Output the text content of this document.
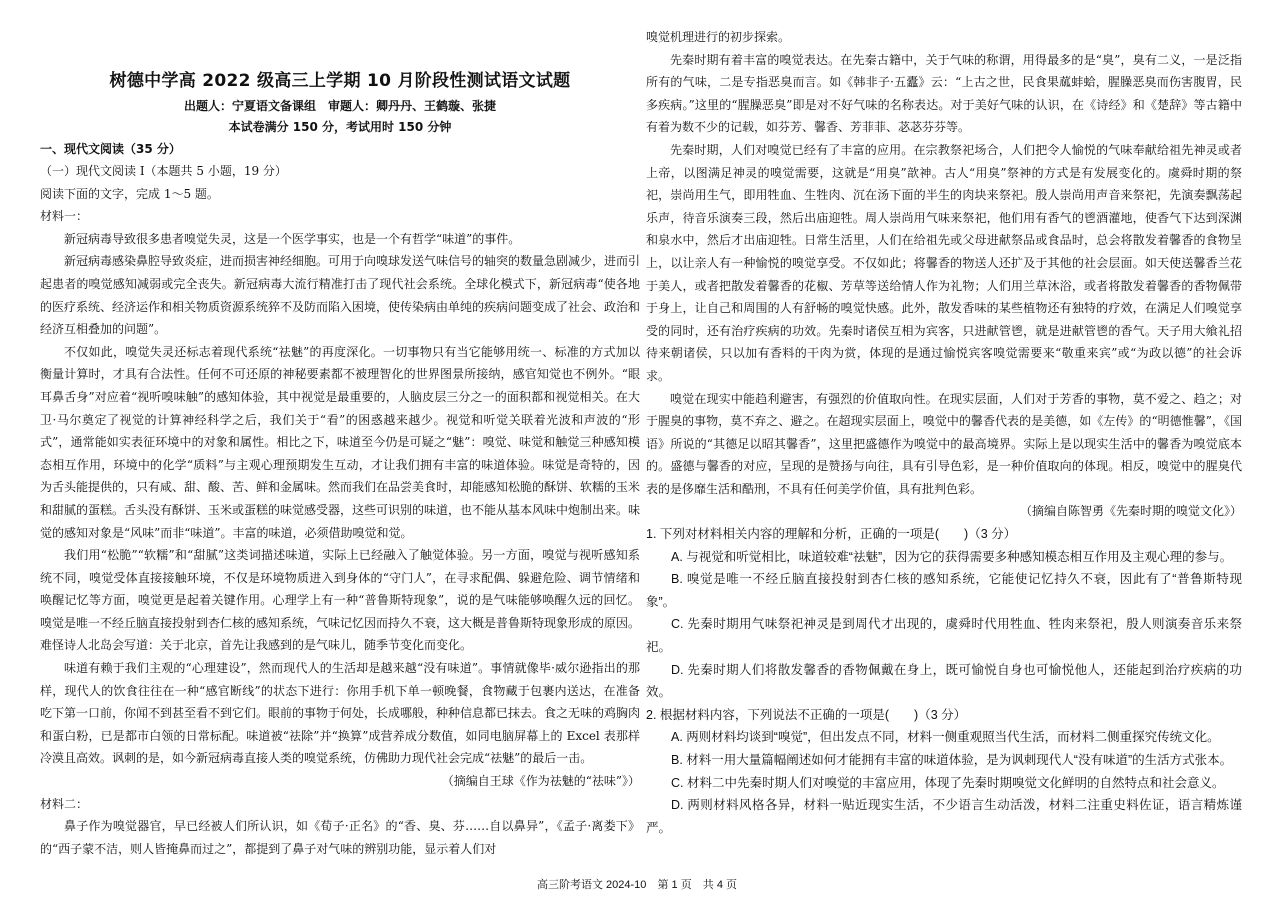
树德中学高 2022 级高三上学期 10 月阶段性测试语文试题

出题人：宁夏语文备课组　审题人：卿丹丹、王鹤璇、张捷

本试卷满分 150 分，考试用时 150 分钟

一、现代文阅读（35 分）

（一）现代文阅读 I（本题共 5 小题，19 分）

阅读下面的文字，完成 1～5 题。

材料一：

新冠病毒导致很多患者嗅觉失灵，这是一个医学事实，也是一个有哲学“味道”的事件。

新冠病毒感染鼻腔导致炎症，进而损害神经细胞。可用于向嗅球发送气味信号的轴突的数量急剧减少，进而引起患者的嗅觉感知减弱或完全丧失。新冠病毒大流行精准打击了现代社会系统。全球化模式下，新冠病毒“使各地的医疗系统、经济运作和相关物质资源系统猝不及防而陷入困境，使传染病由单纯的疾病问题变成了社会、政治和经济互相叠加的问题”。

不仅如此，嗅觉失灵还标志着现代系统“祛魅”的再度深化。一切事物只有当它能够用统一、标准的方式加以衡量计算时，才具有合法性。任何不可还原的神秘要素都不被理智化的世界图景所接纳，感官知觉也不例外。“眼耳鼻舌身”对应着“视听嗅味触”的感知体验，其中视觉是最重要的，人脑皮层三分之一的面积都和视觉相关。在大卫·马尔奠定了视觉的计算神经科学之后，我们关于“看”的困惑越来越少。视觉和听觉关联着光波和声波的“形式”，通常能如实表征环境中的对象和属性。相比之下，味道至今仍是可疑之“魅”：嗅觉、味觉和触觉三种感知模态相互作用，环境中的化学“质料”与主观心理预期发生互动，才让我们拥有丰富的味道体验。味觉是奇特的，因为舌头能提供的，只有咸、甜、酸、苦、鲜和金属味。然而我们在品尝美食时，却能感知松脆的酥饼、软糯的玉米和甜腻的蛋糕。舌头没有酥饼、玉米或蛋糕的味觉感受器，这些可识别的味道，也不能从基本风味中炮制出来。味觉的感知对象是“风味”而非“味道”。丰富的味道，必须借助嗅觉和觉。

我们用“松脆”“软糯”和“甜腻”这类词描述味道，实际上已经融入了触觉体验。另一方面，嗅觉与视听感知系统不同，嗅觉受体直接接触环境，不仅是环境物质进入到身体的“守门人”，在寻求配偶、躲避危险、调节情绪和唤醒记忆等方面，嗅觉更是起着关键作用。心理学上有一种“普鲁斯特现象”，说的是气味能够唤醒久远的回忆。嗅觉是唯一不经丘脑直接投射到杏仁核的感知系统，气味记忆因而持久不衰，这大概是普鲁斯特现象形成的原因。难怪诗人北岛会写道：关于北京，首先让我感到的是气味儿，随季节变化而变化。

味道有赖于我们主观的“心理建设”，然而现代人的生活却是越来越“没有味道”。事情就像毕·威尔逊指出的那样，现代人的饮食往往在一种“感官断线”的状态下进行：你用手机下单一顿晚餐，食物藏于包裹内送达，在准备吃下第一口前，你闻不到甚至看不到它们。眼前的事物于何处，长成哪般，种种信息都已抹去。食之无味的鸡胸肉和蛋白粉，已是都市白领的日常标配。味道被“祛除”并“换算”成营养成分数值，如同电脑屏幕上的 Excel 表那样冷漠且高效。讽刺的是，如今新冠病毒直接人类的嗅觉系统，仿佛助力现代社会完成“祛魅”的最后一击。

（摘编自王球《作为祛魅的“祛味”》）

材料二：

鼻子作为嗅觉器官，早已经被人们所认识，如《荀子·正名》的“香、臭、芬……自以鼻异”，《孟子·离娄下》的“西子蒙不洁，则人皆掩鼻而过之”，都提到了鼻子对气味的辨别功能，显示着人们对

嗅觉机理进行的初步探索。

先秦时期有着丰富的嗅觉表达。在先秦古籍中，关于气味的称谓，用得最多的是“臭”，臭有二义，一是泛指所有的气味，二是专指恶臭而言。如《韩非子·五蠹》云：“上古之世，民食果蓏蚌蛤，腥臊恶臭而伤害腹胃，民多疾病。”这里的“腥臊恶臭”即是对不好气味的名称表达。对于美好气味的认识，在《诗经》和《楚辞》等古籍中有着为数不少的记载，如芬芳、馨香、芳菲菲、苾苾芬芬等。

先秦时期，人们对嗅觉已经有了丰富的应用。在宗教祭祀场合，人们把令人愉悦的气味奉献给祖先神灵或者上帝，以图满足神灵的嗅觉需要，这就是“用臭”歆神。古人“用臭”祭神的方式是有发展变化的。虞舜时期的祭祀，崇尚用生气，即用牲血、生牲肉、沉在汤下面的半生的肉块来祭祀。殷人崇尚用声音来祭祀，先演奏飘荡起乐声，待音乐演奏三段，然后出庙迎牲。周人崇尚用气味来祭祀，他们用有香气的鬯酒灌地，使香气下达到深渊和泉水中，然后才出庙迎牲。日常生活里，人们在给祖先或父母进献祭品或食品时，总会将散发着馨香的食物呈上，以让亲人有一种愉悦的嗅觉享受。不仅如此；将馨香的物送人还扩及于其他的社会层面。如天使送馨香兰花于美人，或者把散发着馨香的花椒、芳草等送给情人作为礼物；人们用兰草沐浴，或者将散发着馨香的香物佩带于身上，让自己和周围的人有舒畅的嗅觉快感。此外，散发香味的某些植物还有独特的疗效，在满足人们嗅觉享受的同时，还有治疗疾病的功效。先秦时诸侯互相为宾客，只进献管鬯，就是进献管鬯的香气。天子用大飨礼招待来朝诸侯，只以加有香料的干肉为赏，体现的是通过愉悦宾客嗅觉需要来“敬重来宾”或“为政以德”的社会诉求。

嗅觉在现实中能趋利避害，有强烈的价值取向性。在现实层面，人们对于芳香的事物，莫不爱之、趋之；对于腥臭的事物，莫不弃之、避之。在超现实层面上，嗅觉中的馨香代表的是美德，如《左传》的“明德惟馨”，《国语》所说的“其德足以昭其馨香”，这里把盛德作为嗅觉中的最高境界。实际上是以现实生活中的馨香为嗅觉底本的。盛德与馨香的对应，呈现的是赞扬与向往，具有引导色彩，是一种价值取向的体现。相反，嗅觉中的腥臭代表的是侈靡生活和酷刑，不具有任何美学价值，具有批判色彩。

（摘编自陈智勇《先秦时期的嗅觉文化》）

1. 下列对材料相关内容的理解和分析，正确的一项是(　　)（3 分）

A. 与视觉和听觉相比，味道较难“祛魅”，因为它的获得需要多种感知模态相互作用及主观心理的参与。

B. 嗅觉是唯一不经丘脑直接投射到杏仁核的感知系统，它能使记忆持久不衰，因此有了“普鲁斯特现象”。

C. 先秦时期用气味祭祀神灵是到周代才出现的，虞舜时代用牲血、牲肉来祭祀，殷人则演奏音乐来祭祀。

D. 先秦时期人们将散发馨香的香物佩戴在身上，既可愉悦自身也可愉悦他人，还能起到治疗疾病的功效。

2. 根据材料内容，下列说法不正确的一项是(　　)（3 分）

A. 两则材料均谈到“嗅觉”，但出发点不同，材料一侧重观照当代生活，而材料二侧重探究传统文化。

B. 材料一用大量篇幅阐述如何才能拥有丰富的味道体验，是为讽刺现代人“没有味道”的生活方式张本。

C. 材料二中先秦时期人们对嗅觉的丰富应用，体现了先秦时期嗅觉文化鲜明的自然特点和社会意义。

D. 两则材料风格各异，材料一贴近现实生活，不少语言生动活泼，材料二注重史料佐证，语言精炼谨严。

高三阶考语文 2024-10 第 1 页 共 4 页
